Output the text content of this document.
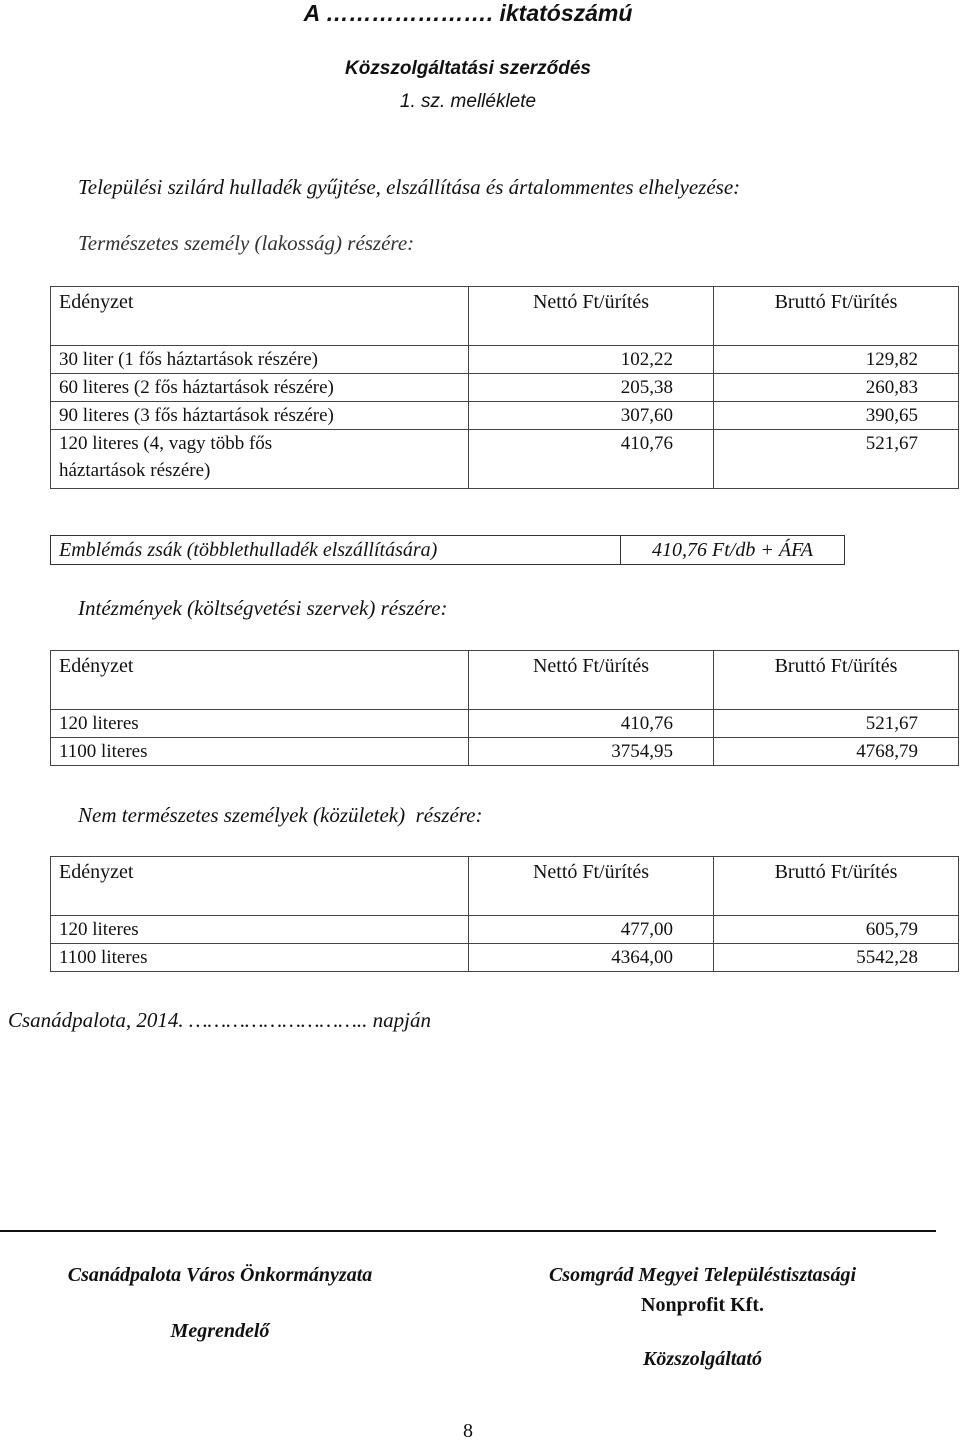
A …………………. iktatószámú
Közszolgáltatási szerződés
1. sz. melléklete
Települési szilárd hulladék gyűjtése, elszállítása és ártalommentes elhelyezése:
Természetes személy (lakosság) részére:
Edényzet	Nettó Ft/ürítés	Bruttó Ft/ürítés
30 liter (1 fős háztartások részére)	102,22	129,82
60 literes (2 fős háztartások részére)	205,38	260,83
90 literes (3 fős háztartások részére)	307,60	390,65
120 literes (4, vagy több fős háztartások részére)	410,76	521,67
Emblémás zsák (többlethulladék elszállítására)	410,76 Ft/db + ÁFA
Intézmények (költségvetési szervek) részére:
Edényzet	Nettó Ft/ürítés	Bruttó Ft/ürítés
120 literes	410,76	521,67
1100 literes	3754,95	4768,79
Nem természetes személyek (közületek)  részére:
Edényzet	Nettó Ft/ürítés	Bruttó Ft/ürítés
120 literes	477,00	605,79
1100 literes	4364,00	5542,28
Csanádpalota, 2014. ……………………….. napján
Csanádpalota Város Önkormányzata
Megrendelő
Csomgrád Megyei Településtisztasági
Nonprofit Kft.
Közszolgáltató
8
